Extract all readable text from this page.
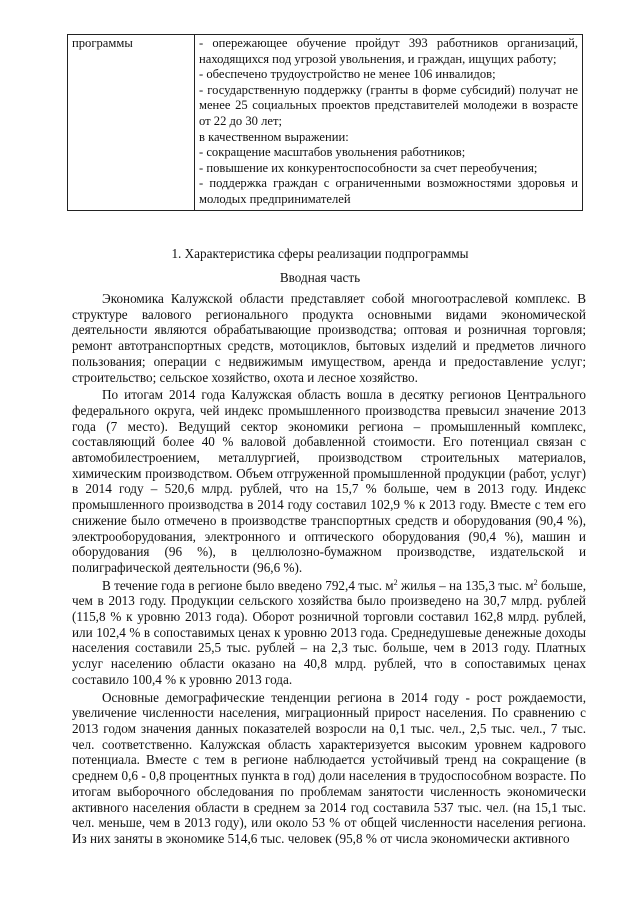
программы	- опережающее обучение пройдут 393 работников организаций, находящихся под угрозой увольнения, и граждан, ищущих работу;
- обеспечено трудоустройство не менее 106 инвалидов;
- государственную поддержку (гранты в форме субсидий) получат не менее 25 социальных проектов представителей молодежи в возрасте от 22 до 30 лет;
в качественном выражении:
- сокращение масштабов увольнения работников;
- повышение их конкурентоспособности за счет переобучения;
- поддержка граждан с ограниченными возможностями здоровья и молодых предпринимателей
1. Характеристика сферы реализации подпрограммы
Вводная часть

Экономика Калужской области представляет собой многоотраслевой комплекс. В структуре валового регионального продукта основными видами экономической деятельности являются обрабатывающие производства; оптовая и розничная торговля; ремонт автотранспортных средств, мотоциклов, бытовых изделий и предметов личного пользования; операции с недвижимым имуществом, аренда и предоставление услуг; строительство; сельское хозяйство, охота и лесное хозяйство.

По итогам 2014 года Калужская область вошла в десятку регионов Центрального федерального округа, чей индекс промышленного производства превысил значение 2013 года (7 место). Ведущий сектор экономики региона – промышленный комплекс, составляющий более 40 % валовой добавленной стоимости. Его потенциал связан с автомобилестроением, металлургией, производством строительных материалов, химическим производством. Объем отгруженной промышленной продукции (работ, услуг) в 2014 году – 520,6 млрд. рублей, что на 15,7 % больше, чем в 2013 году. Индекс промышленного производства в 2014 году составил 102,9 % к 2013 году. Вместе с тем его снижение было отмечено в производстве транспортных средств и оборудования (90,4 %), электрооборудования, электронного и оптического оборудования (90,4 %), машин и оборудования (96 %), в целлюлозно-бумажном производстве, издательской и полиграфической деятельности (96,6 %).

В течение года в регионе было введено 792,4 тыс. $м^2$ жилья – на 135,3 тыс. $м^2$ больше, чем в 2013 году. Продукции сельского хозяйства было произведено на 30,7 млрд. рублей (115,8 % к уровню 2013 года). Оборот розничной торговли составил 162,8 млрд. рублей, или 102,4 % в сопоставимых ценах к уровню 2013 года. Среднедушевые денежные доходы населения составили 25,5 тыс. рублей – на 2,3 тыс. больше, чем в 2013 году. Платных услуг населению области оказано на 40,8 млрд. рублей, что в сопоставимых ценах составило 100,4 % к уровню 2013 года.

Основные демографические тенденции региона в 2014 году - рост рождаемости, увеличение численности населения, миграционный прирост населения. По сравнению с 2013 годом значения данных показателей возросли на 0,1 тыс. чел., 2,5 тыс. чел., 7 тыс. чел. соответственно. Калужская область характеризуется высоким уровнем кадрового потенциала. Вместе с тем в регионе наблюдается устойчивый тренд на сокращение (в среднем 0,6 - 0,8 процентных пункта в год) доли населения в трудоспособном возрасте. По итогам выборочного обследования по проблемам занятости численность экономически активного населения области в среднем за 2014 год составила 537 тыс. чел. (на 15,1 тыс. чел. меньше, чем в 2013 году), или около 53 % от общей численности населения региона. Из них заняты в экономике 514,6 тыс. человек (95,8 % от числа экономически активного
